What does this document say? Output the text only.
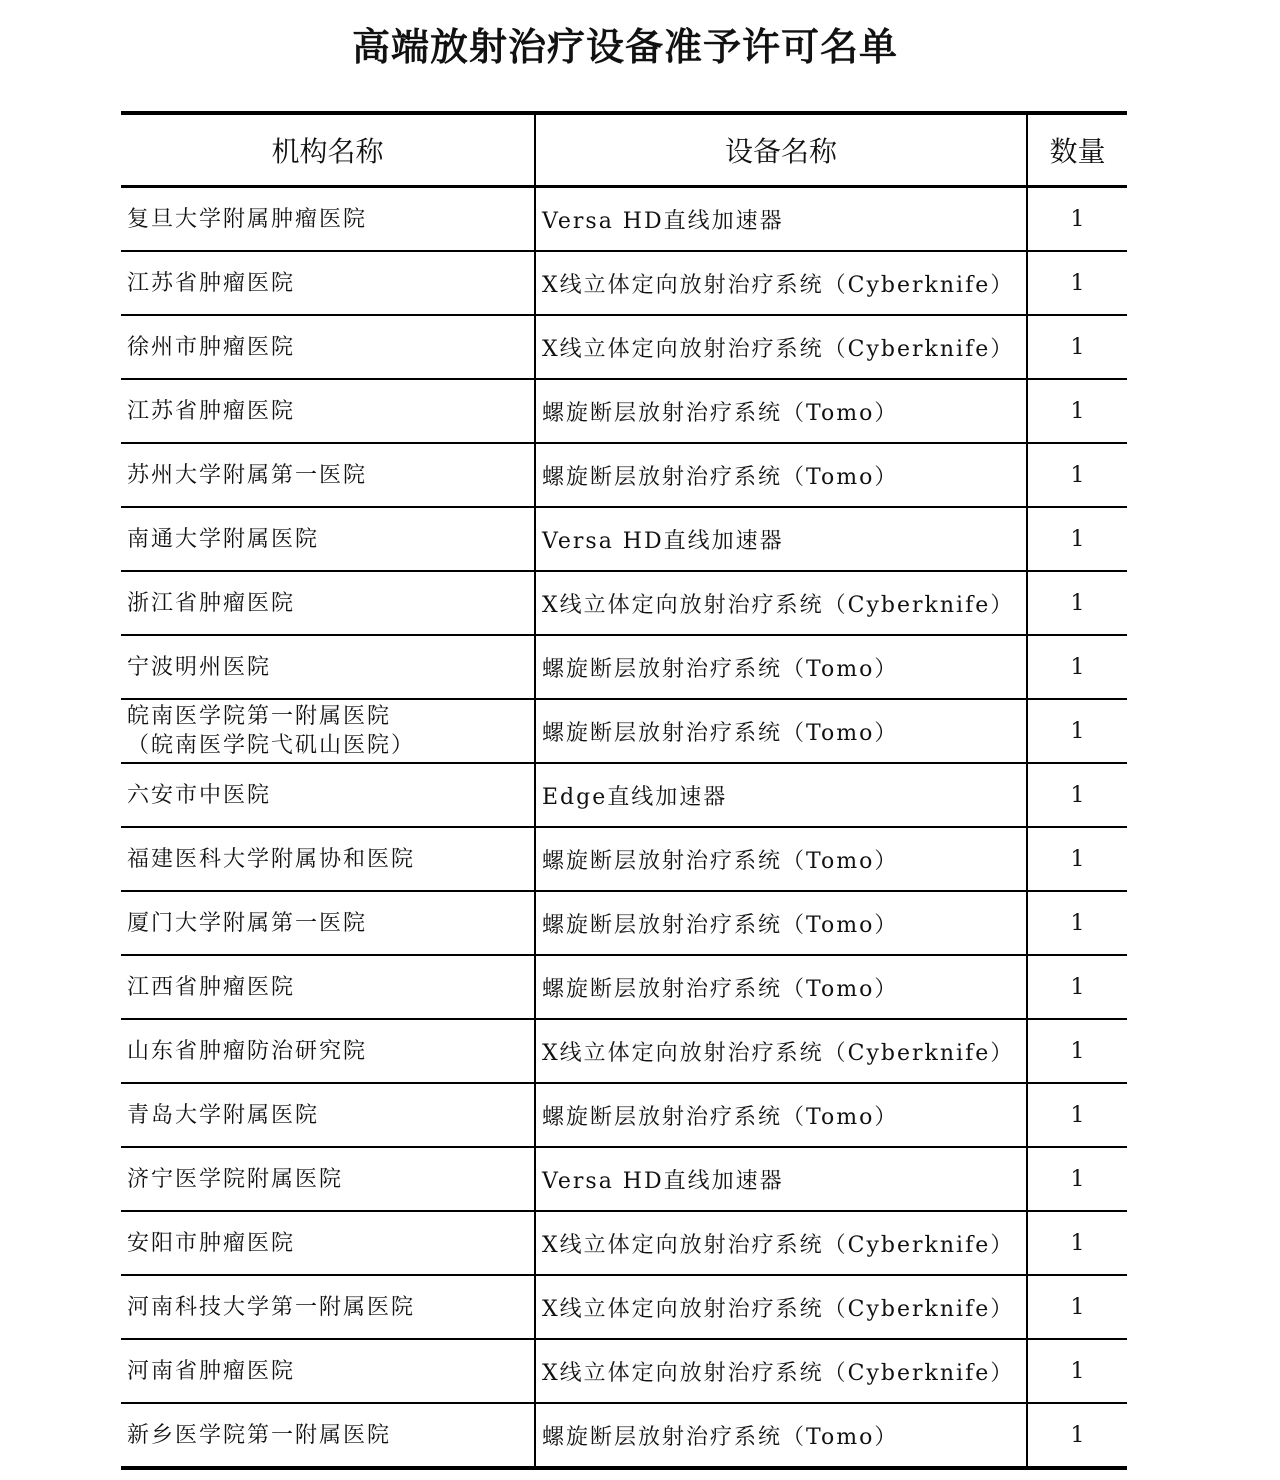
高端放射治疗设备准予许可名单
机构名称	设备名称	数量

复旦大学附属肿瘤医院	Versa HD直线加速器	1

江苏省肿瘤医院	X线立体定向放射治疗系统（Cyberknife）	1

徐州市肿瘤医院	X线立体定向放射治疗系统（Cyberknife）	1

江苏省肿瘤医院	螺旋断层放射治疗系统（Tomo）	1

苏州大学附属第一医院	螺旋断层放射治疗系统（Tomo）	1

南通大学附属医院	Versa HD直线加速器	1

浙江省肿瘤医院	X线立体定向放射治疗系统（Cyberknife）	1

宁波明州医院	螺旋断层放射治疗系统（Tomo）	1

皖南医学院第一附属医院
（皖南医学院弋矶山医院）	螺旋断层放射治疗系统（Tomo）	1

六安市中医院	Edge直线加速器	1

福建医科大学附属协和医院	螺旋断层放射治疗系统（Tomo）	1

厦门大学附属第一医院	螺旋断层放射治疗系统（Tomo）	1

江西省肿瘤医院	螺旋断层放射治疗系统（Tomo）	1

山东省肿瘤防治研究院	X线立体定向放射治疗系统（Cyberknife）	1

青岛大学附属医院	螺旋断层放射治疗系统（Tomo）	1

济宁医学院附属医院	Versa HD直线加速器	1

安阳市肿瘤医院	X线立体定向放射治疗系统（Cyberknife）	1

河南科技大学第一附属医院	X线立体定向放射治疗系统（Cyberknife）	1

河南省肿瘤医院	X线立体定向放射治疗系统（Cyberknife）	1

新乡医学院第一附属医院	螺旋断层放射治疗系统（Tomo）	1
